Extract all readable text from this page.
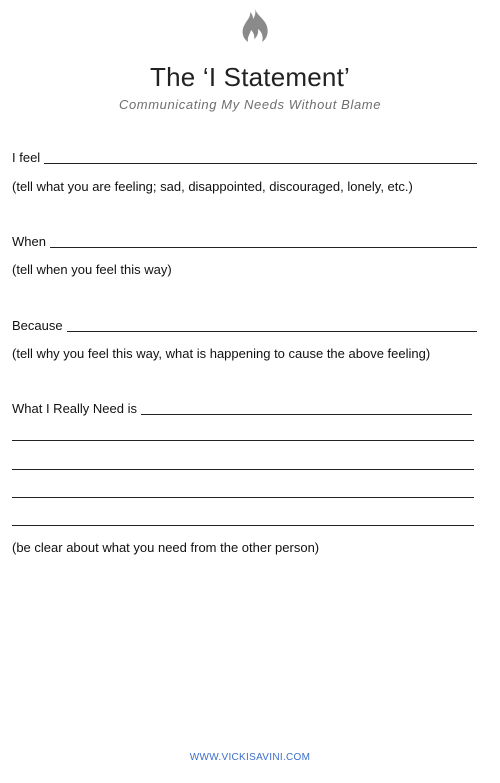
The ‘I Statement’
Communicating My Needs Without Blame
I feel
(tell what you are feeling; sad, disappointed, discouraged, lonely, etc.)
When
(tell when you feel this way)
Because
(tell why you feel this way, what is happening to cause the above feeling)
What I Really Need is
(be clear about what you need from the other person)
WWW.VICKISAVINI.COM
